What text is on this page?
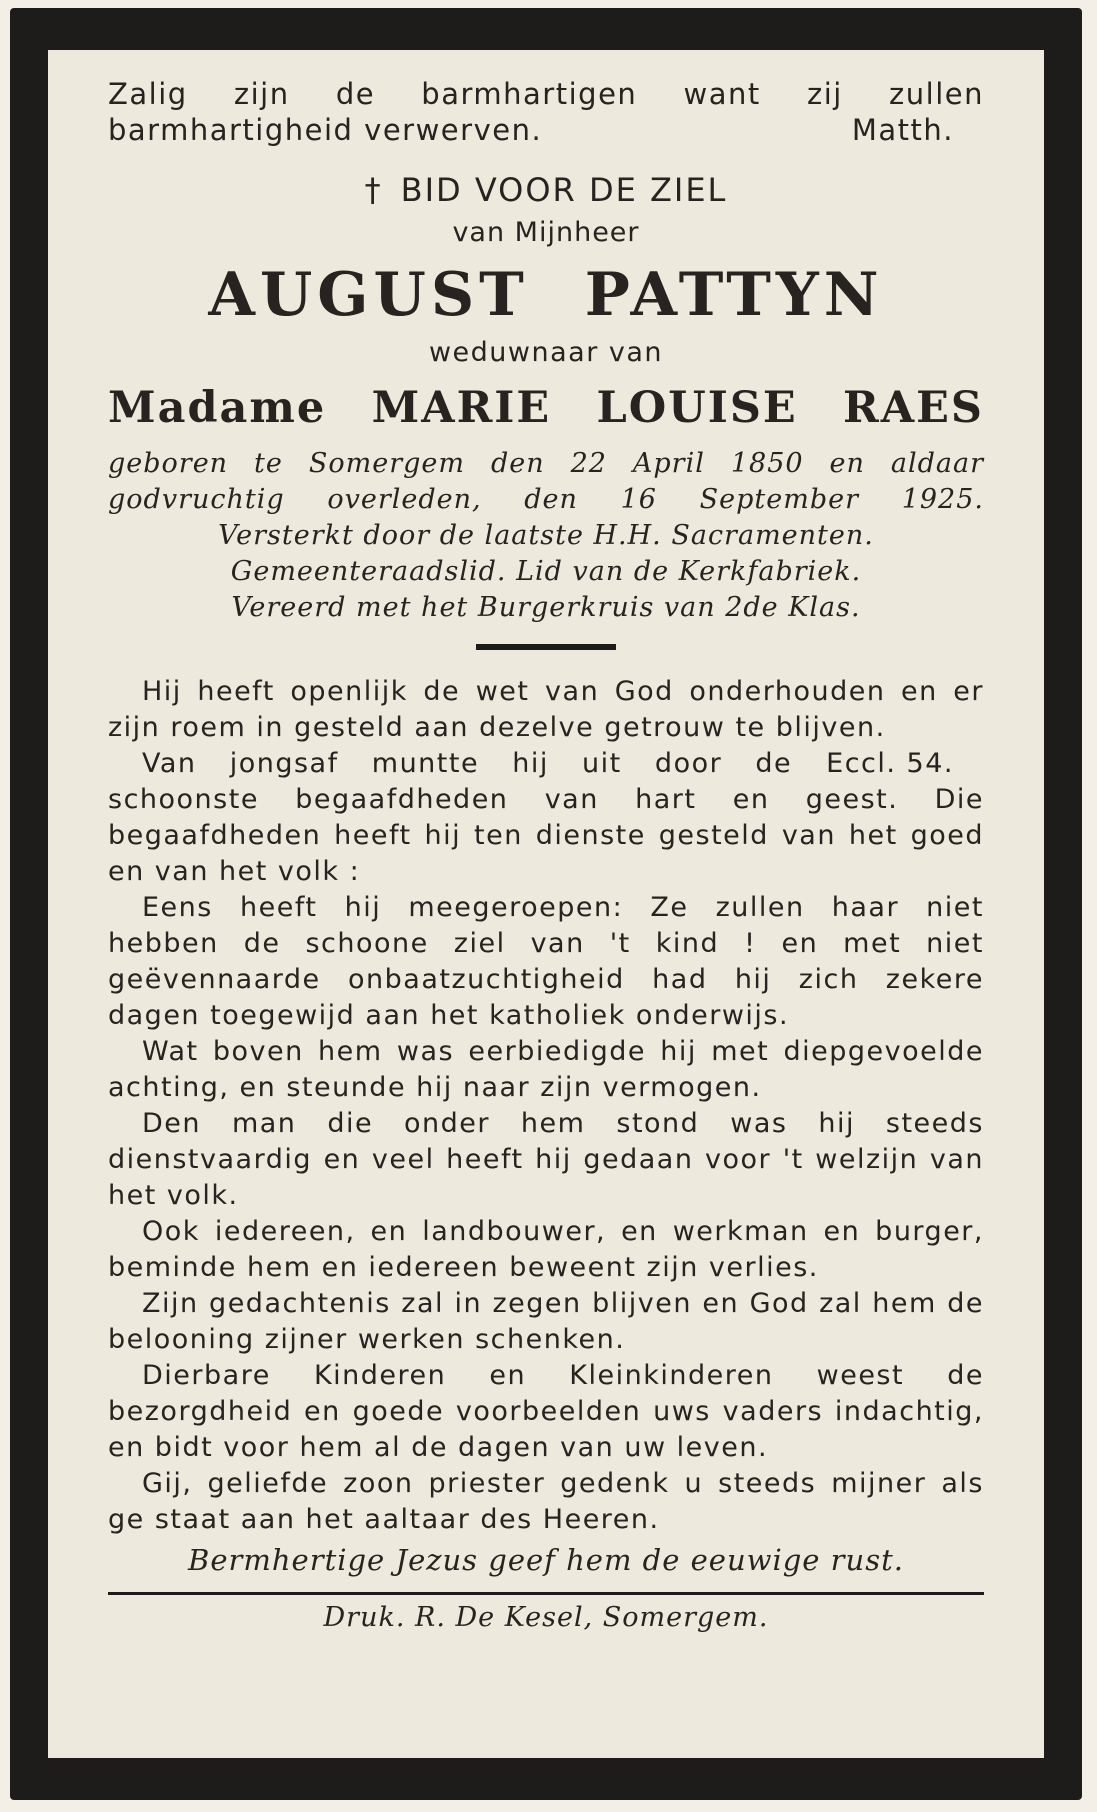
Zalig zijn de barmhartigen want zij zullen
barmhartigheid verwerven.	Matth.
† BID VOOR DE ZIEL
van Mijnheer
AUGUST PATTYN
weduwnaar van
Madame MARIE LOUISE RAES
geboren te Somergem den 22 April 1850 en aldaar
godvruchtig overleden, den 16 September 1925.
Versterkt door de laatste H.H. Sacramenten.
Gemeenteraadslid. Lid van de Kerkfabriek.
Vereerd met het Burgerkruis van 2de Klas.

Hij heeft openlijk de wet van God onderhouden en er zijn roem in gesteld aan dezelve getrouw te blijven.
Eccl. 54.

Van jongsaf muntte hij uit door de schoonste begaafdheden van hart en geest. Die begaafdheden heeft hij ten dienste gesteld van het goed en van het volk :

Eens heeft hij meegeroepen: Ze zullen haar niet hebben de schoone ziel van 't kind ! en met niet geëvennaarde onbaatzuchtigheid had hij zich zekere dagen toegewijd aan het katholiek onderwijs.

Wat boven hem was eerbiedigde hij met diepgevoelde achting, en steunde hij naar zijn vermogen.

Den man die onder hem stond was hij steeds dienstvaardig en veel heeft hij gedaan voor 't welzijn van het volk.

Ook iedereen, en landbouwer, en werkman en burger, beminde hem en iedereen beweent zijn verlies.

Zijn gedachtenis zal in zegen blijven en God zal hem de belooning zijner werken schenken.

Dierbare Kinderen en Kleinkinderen weest de bezorgdheid en goede voorbeelden uws vaders indachtig, en bidt voor hem al de dagen van uw leven.

Gij, geliefde zoon priester gedenk u steeds mijner als ge staat aan het aaltaar des Heeren.

Bermhertige Jezus geef hem de eeuwige rust.
Druk. R. De Kesel, Somergem.
